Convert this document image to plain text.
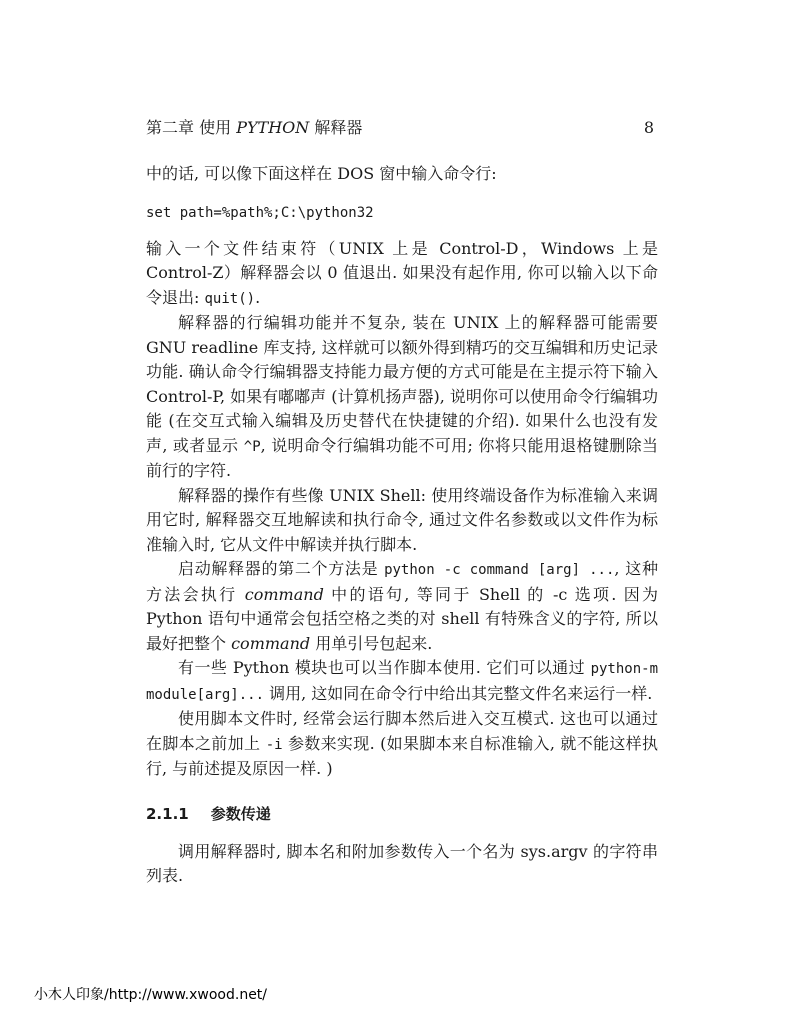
第二章 使用 PYTHON 解释器	8

中的话, 可以像下面这样在 DOS 窗中输入命令行:

set path=%path%;C:\python32

输入一个文件结束符（UNIX 上是 Control-D，Windows 上是 Control-Z）解释器会以 0 值退出. 如果没有起作用, 你可以输入以下命令退出: quit().

解释器的行编辑功能并不复杂, 装在 UNIX 上的解释器可能需要 GNU readline 库支持, 这样就可以额外得到精巧的交互编辑和历史记录功能. 确认命令行编辑器支持能力最方便的方式可能是在主提示符下输入 Control-P, 如果有嘟嘟声 (计算机扬声器), 说明你可以使用命令行编辑功能 (在交互式输入编辑及历史替代在快捷键的介绍). 如果什么也没有发声, 或者显示 ^P, 说明命令行编辑功能不可用; 你将只能用退格键删除当前行的字符.

解释器的操作有些像 UNIX Shell: 使用终端设备作为标准输入来调用它时, 解释器交互地解读和执行命令, 通过文件名参数或以文件作为标准输入时, 它从文件中解读并执行脚本.

启动解释器的第二个方法是 python -c command [arg] ..., 这种方法会执行 command 中的语句, 等同于 Shell 的 -c 选项. 因为 Python 语句中通常会包括空格之类的对 shell 有特殊含义的字符, 所以最好把整个 command 用单引号包起来.

有一些 Python 模块也可以当作脚本使用. 它们可以通过 python-m module[arg]... 调用, 这如同在命令行中给出其完整文件名来运行一样.

使用脚本文件时, 经常会运行脚本然后进入交互模式. 这也可以通过在脚本之前加上 -i 参数来实现. (如果脚本来自标准输入, 就不能这样执行, 与前述提及原因一样. )

2.1.1 参数传递

调用解释器时, 脚本名和附加参数传入一个名为 sys.argv 的字符串列表.

小木人印象/http://www.xwood.net/
